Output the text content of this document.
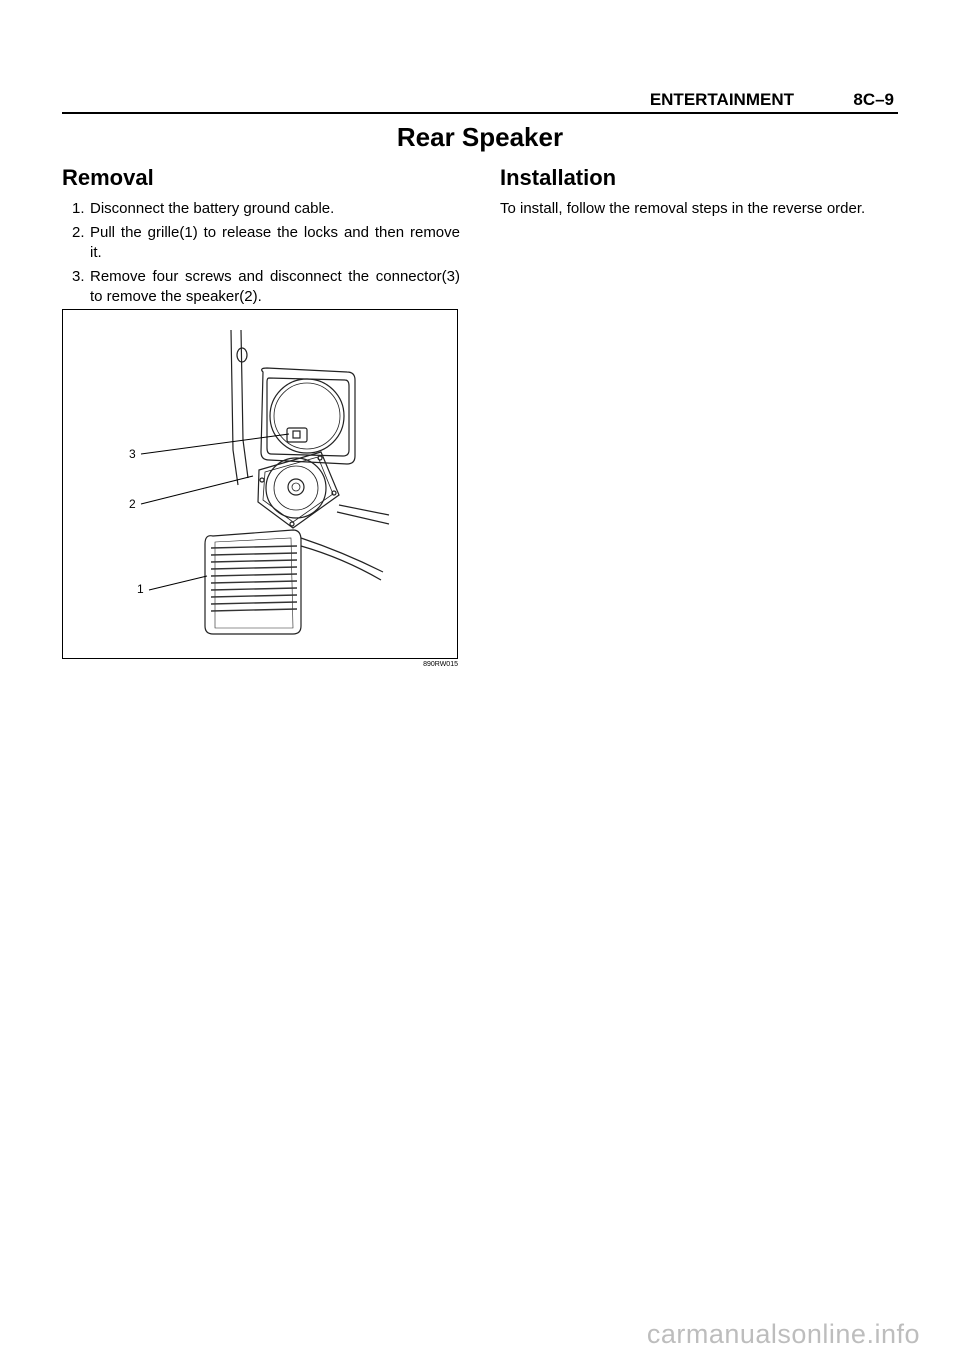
ENTERTAINMENT	8C–9
Rear Speaker
Removal
1. Disconnect the battery ground cable.
2. Pull the grille(1) to release the locks and then remove it.
3. Remove four screws and disconnect the connector(3) to remove the speaker(2).
Installation

To install, follow the removal steps in the reverse order.

3
2
1
890RW015
carmanualsonline.info
